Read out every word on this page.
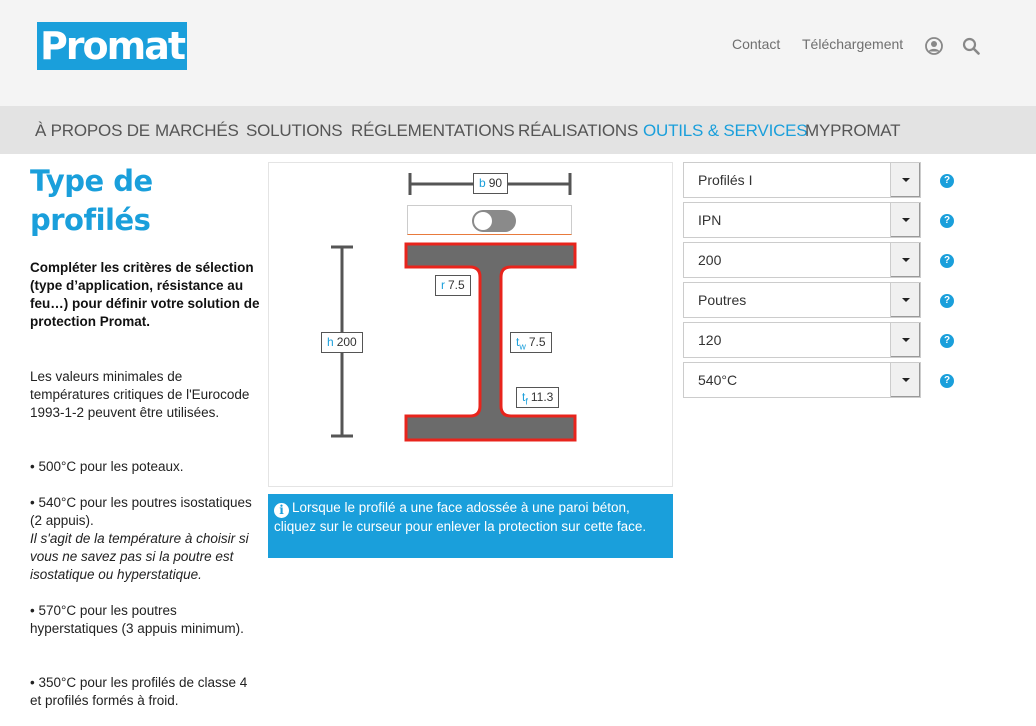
Promat	Contact Téléchargement
À PROPOS DE MARCHÉS SOLUTIONS RÉGLEMENTATIONS RÉALISATIONS OUTILS & SERVICES
MYPROMAT
Type de profilés
Compléter les critères de sélection (type d’application, résistance au feu…) pour définir votre solution de protection Promat.
Les valeurs minimales de températures critiques de l'Eurocode 1993-1-2 peuvent être utilisées.
• 500°C pour les poteaux.
• 540°C pour les poutres isostatiques (2 appuis).
Il s'agit de la température à choisir si vous ne savez pas si la poutre est isostatique ou hyperstatique.
• 570°C pour les poutres hyperstatiques (3 appuis minimum).
• 350°C pour les profilés de classe 4 et profilés formés à froid.
b 90
h 200
r 7.5
$t_w$ 7.5
$t_f$ 11.3
i Lorsque le profilé a une face adossée à une paroi béton, cliquez sur le curseur pour enlever la protection sur cette face.
Profilés I	?
IPN	?
200	?
Poutres	?
120	?
540°C	?
